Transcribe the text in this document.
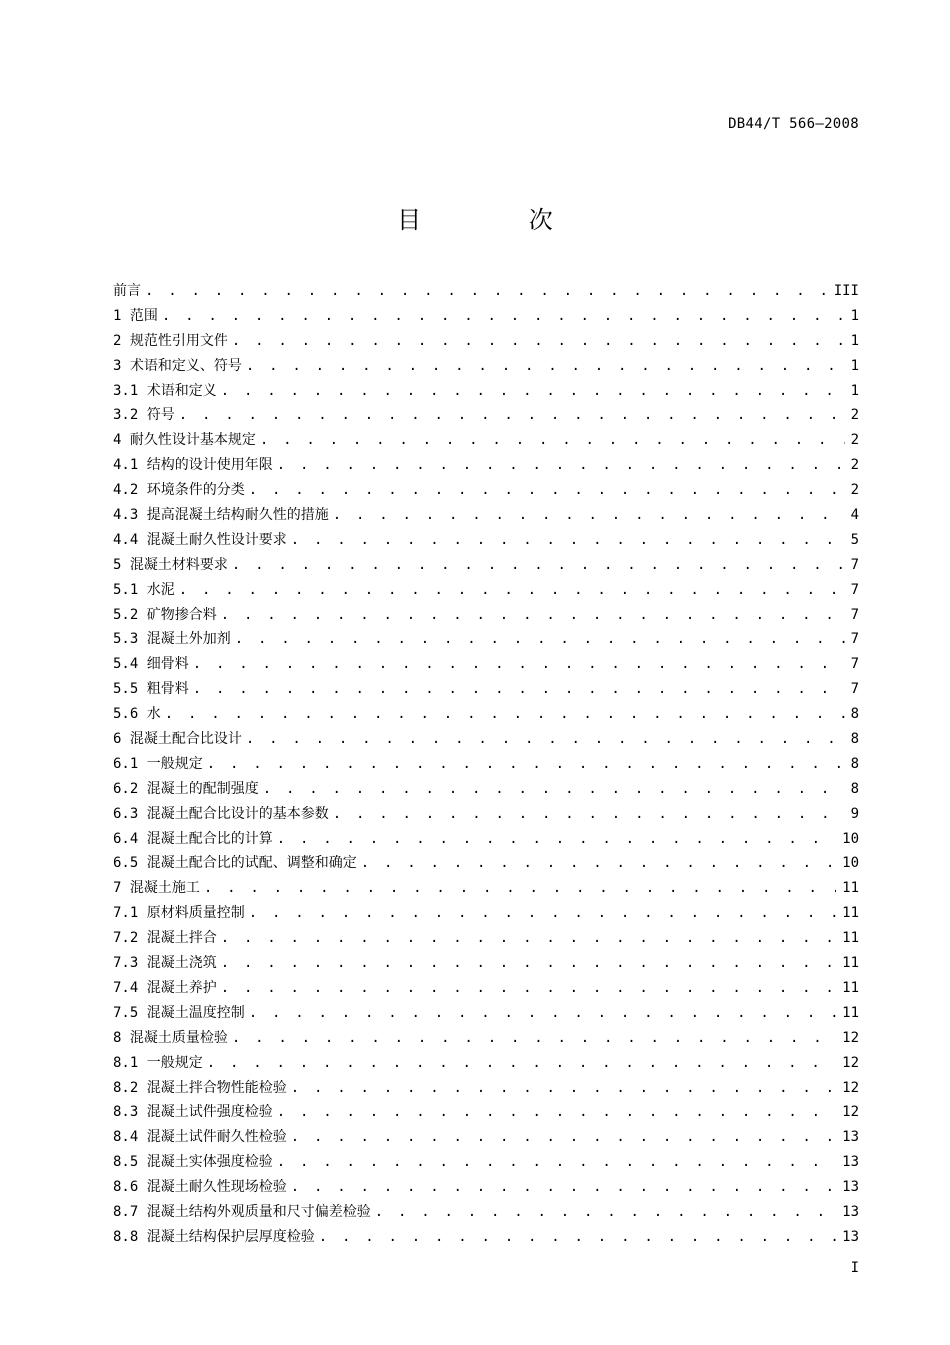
DB44/T 566—2008
目 次
前言 . . .	III
1 范围 . . .	1
2 规范性引用文件 . . .	1
3 术语和定义、符号 . . .	1
3.1 术语和定义 . . .	1
3.2 符号 . . .	2
4 耐久性设计基本规定 . . .	2
4.1 结构的设计使用年限 . . .	2
4.2 环境条件的分类 . . .	2
4.3 提高混凝土结构耐久性的措施 . . .	4
4.4 混凝土耐久性设计要求 . . .	5
5 混凝土材料要求 . . .	7
5.1 水泥 . . .	7
5.2 矿物掺合料 . . .	7
5.3 混凝土外加剂 . . .	7
5.4 细骨料 . . .	7
5.5 粗骨料 . . .	7
5.6 水 . . .	8
6 混凝土配合比设计 . . .	8
6.1 一般规定 . . .	8
6.2 混凝土的配制强度 . . .	8
6.3 混凝土配合比设计的基本参数 . . .	9
6.4 混凝土配合比的计算 . . .	10
6.5 混凝土配合比的试配、调整和确定 . . .	10
7 混凝土施工 . . .	11
7.1 原材料质量控制 . . .	11
7.2 混凝土拌合 . . .	11
7.3 混凝土浇筑 . . .	11
7.4 混凝土养护 . . .	11
7.5 混凝土温度控制 . . .	11
8 混凝土质量检验 . . .	12
8.1 一般规定 . . .	12
8.2 混凝土拌合物性能检验 . . .	12
8.3 混凝土试件强度检验 . . .	12
8.4 混凝土试件耐久性检验 . . .	13
8.5 混凝土实体强度检验 . . .	13
8.6 混凝土耐久性现场检验 . . .	13
8.7 混凝土结构外观质量和尺寸偏差检验 . . .	13
8.8 混凝土结构保护层厚度检验 . . .	13
I
